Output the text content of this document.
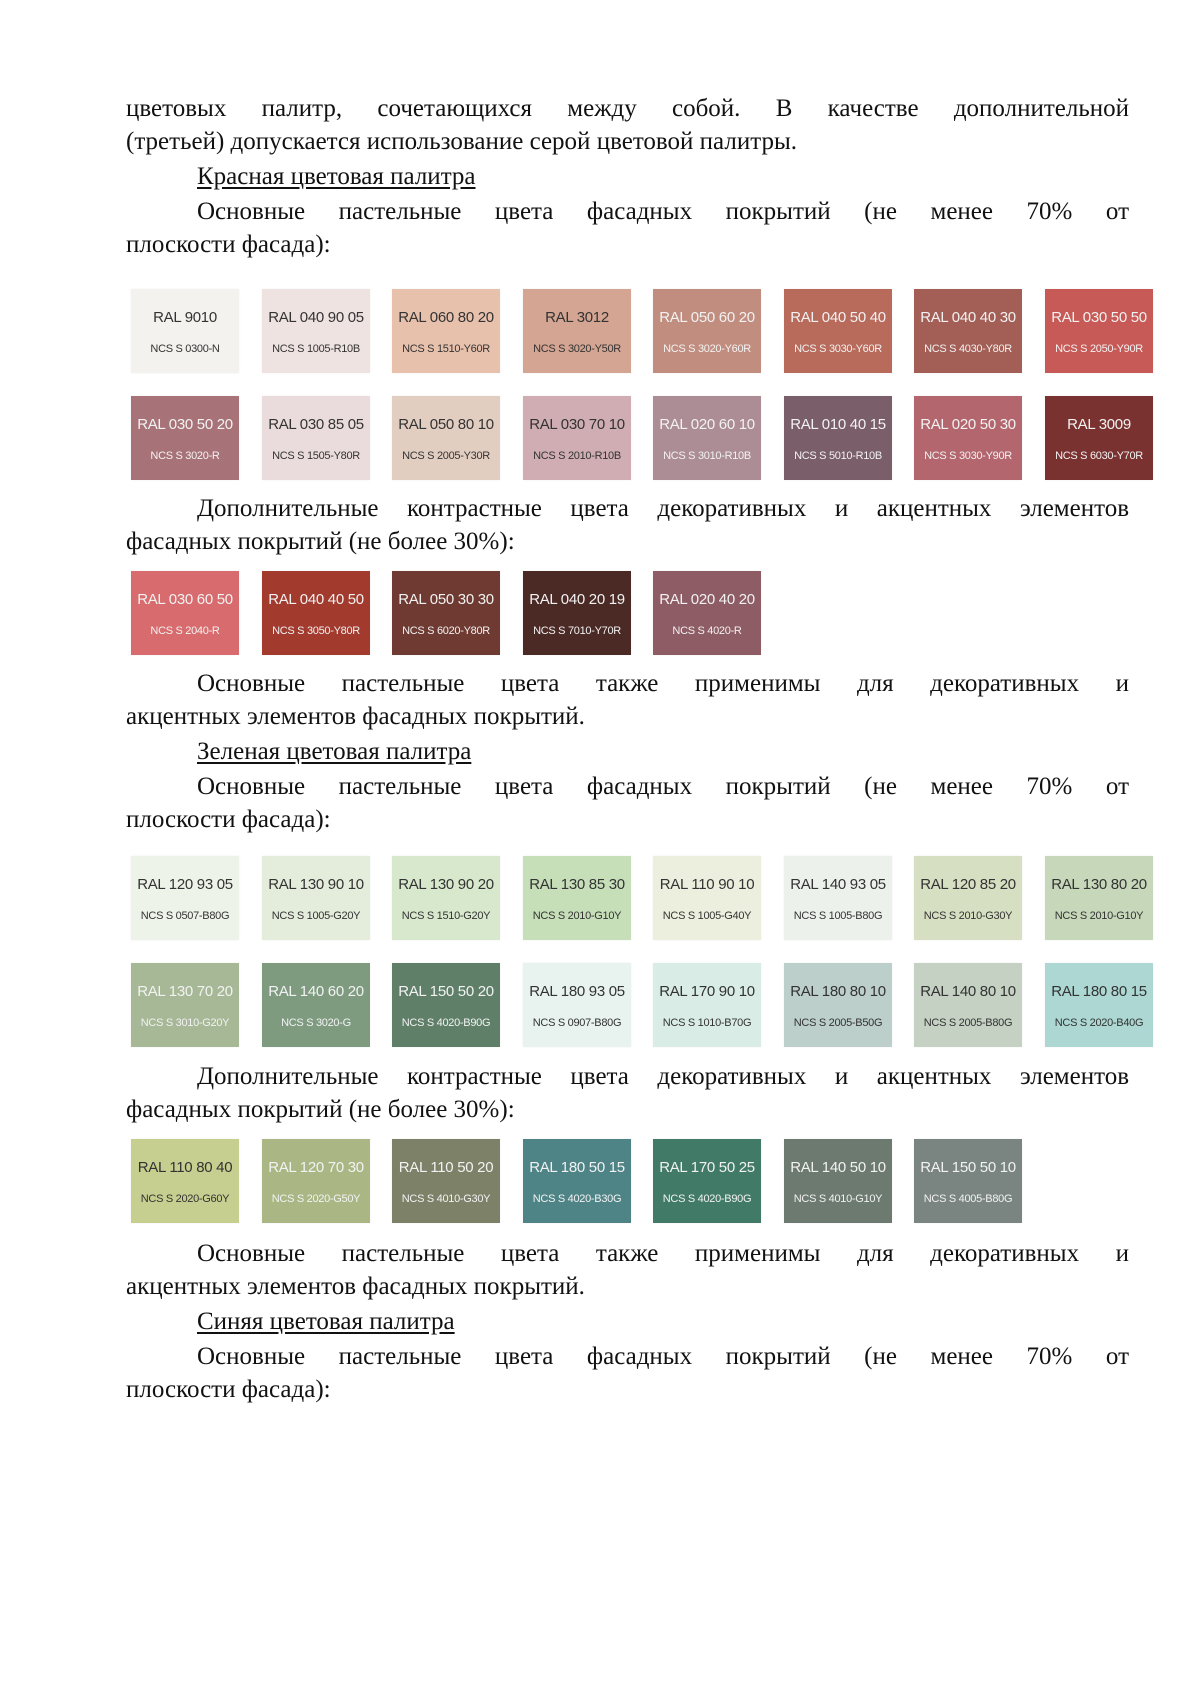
цветовых палитр, сочетающихся между собой. В качестве дополнительной

(третьей) допускается использование серой цветовой палитры.

Красная цветовая палитра

Основные пастельные цвета фасадных покрытий (не менее 70% от

плоскости фасада):

RAL 9010
NCS S 0300-N
RAL 040 90 05
NCS S 1005-R10B
RAL 060 80 20
NCS S 1510-Y60R
RAL 3012
NCS S 3020-Y50R
RAL 050 60 20
NCS S 3020-Y60R
RAL 040 50 40
NCS S 3030-Y60R
RAL 040 40 30
NCS S 4030-Y80R
RAL 030 50 50
NCS S 2050-Y90R
RAL 030 50 20
NCS S 3020-R
RAL 030 85 05
NCS S 1505-Y80R
RAL 050 80 10
NCS S 2005-Y30R
RAL 030 70 10
NCS S 2010-R10B
RAL 020 60 10
NCS S 3010-R10B
RAL 010 40 15
NCS S 5010-R10B
RAL 020 50 30
NCS S 3030-Y90R
RAL 3009
NCS S 6030-Y70R

Дополнительные контрастные цвета декоративных и акцентных элементов

фасадных покрытий (не более 30%):

RAL 030 60 50
NCS S 2040-R
RAL 040 40 50
NCS S 3050-Y80R
RAL 050 30 30
NCS S 6020-Y80R
RAL 040 20 19
NCS S 7010-Y70R
RAL 020 40 20
NCS S 4020-R

Основные пастельные цвета также применимы для декоративных и

акцентных элементов фасадных покрытий.

Зеленая цветовая палитра

Основные пастельные цвета фасадных покрытий (не менее 70% от

плоскости фасада):

RAL 120 93 05
NCS S 0507-B80G
RAL 130 90 10
NCS S 1005-G20Y
RAL 130 90 20
NCS S 1510-G20Y
RAL 130 85 30
NCS S 2010-G10Y
RAL 110 90 10
NCS S 1005-G40Y
RAL 140 93 05
NCS S 1005-B80G
RAL 120 85 20
NCS S 2010-G30Y
RAL 130 80 20
NCS S 2010-G10Y
RAL 130 70 20
NCS S 3010-G20Y
RAL 140 60 20
NCS S 3020-G
RAL 150 50 20
NCS S 4020-B90G
RAL 180 93 05
NCS S 0907-B80G
RAL 170 90 10
NCS S 1010-B70G
RAL 180 80 10
NCS S 2005-B50G
RAL 140 80 10
NCS S 2005-B80G
RAL 180 80 15
NCS S 2020-B40G

Дополнительные контрастные цвета декоративных и акцентных элементов

фасадных покрытий (не более 30%):

RAL 110 80 40
NCS S 2020-G60Y
RAL 120 70 30
NCS S 2020-G50Y
RAL 110 50 20
NCS S 4010-G30Y
RAL 180 50 15
NCS S 4020-B30G
RAL 170 50 25
NCS S 4020-B90G
RAL 140 50 10
NCS S 4010-G10Y
RAL 150 50 10
NCS S 4005-B80G

Основные пастельные цвета также применимы для декоративных и

акцентных элементов фасадных покрытий.

Синяя цветовая палитра

Основные пастельные цвета фасадных покрытий (не менее 70% от

плоскости фасада):
